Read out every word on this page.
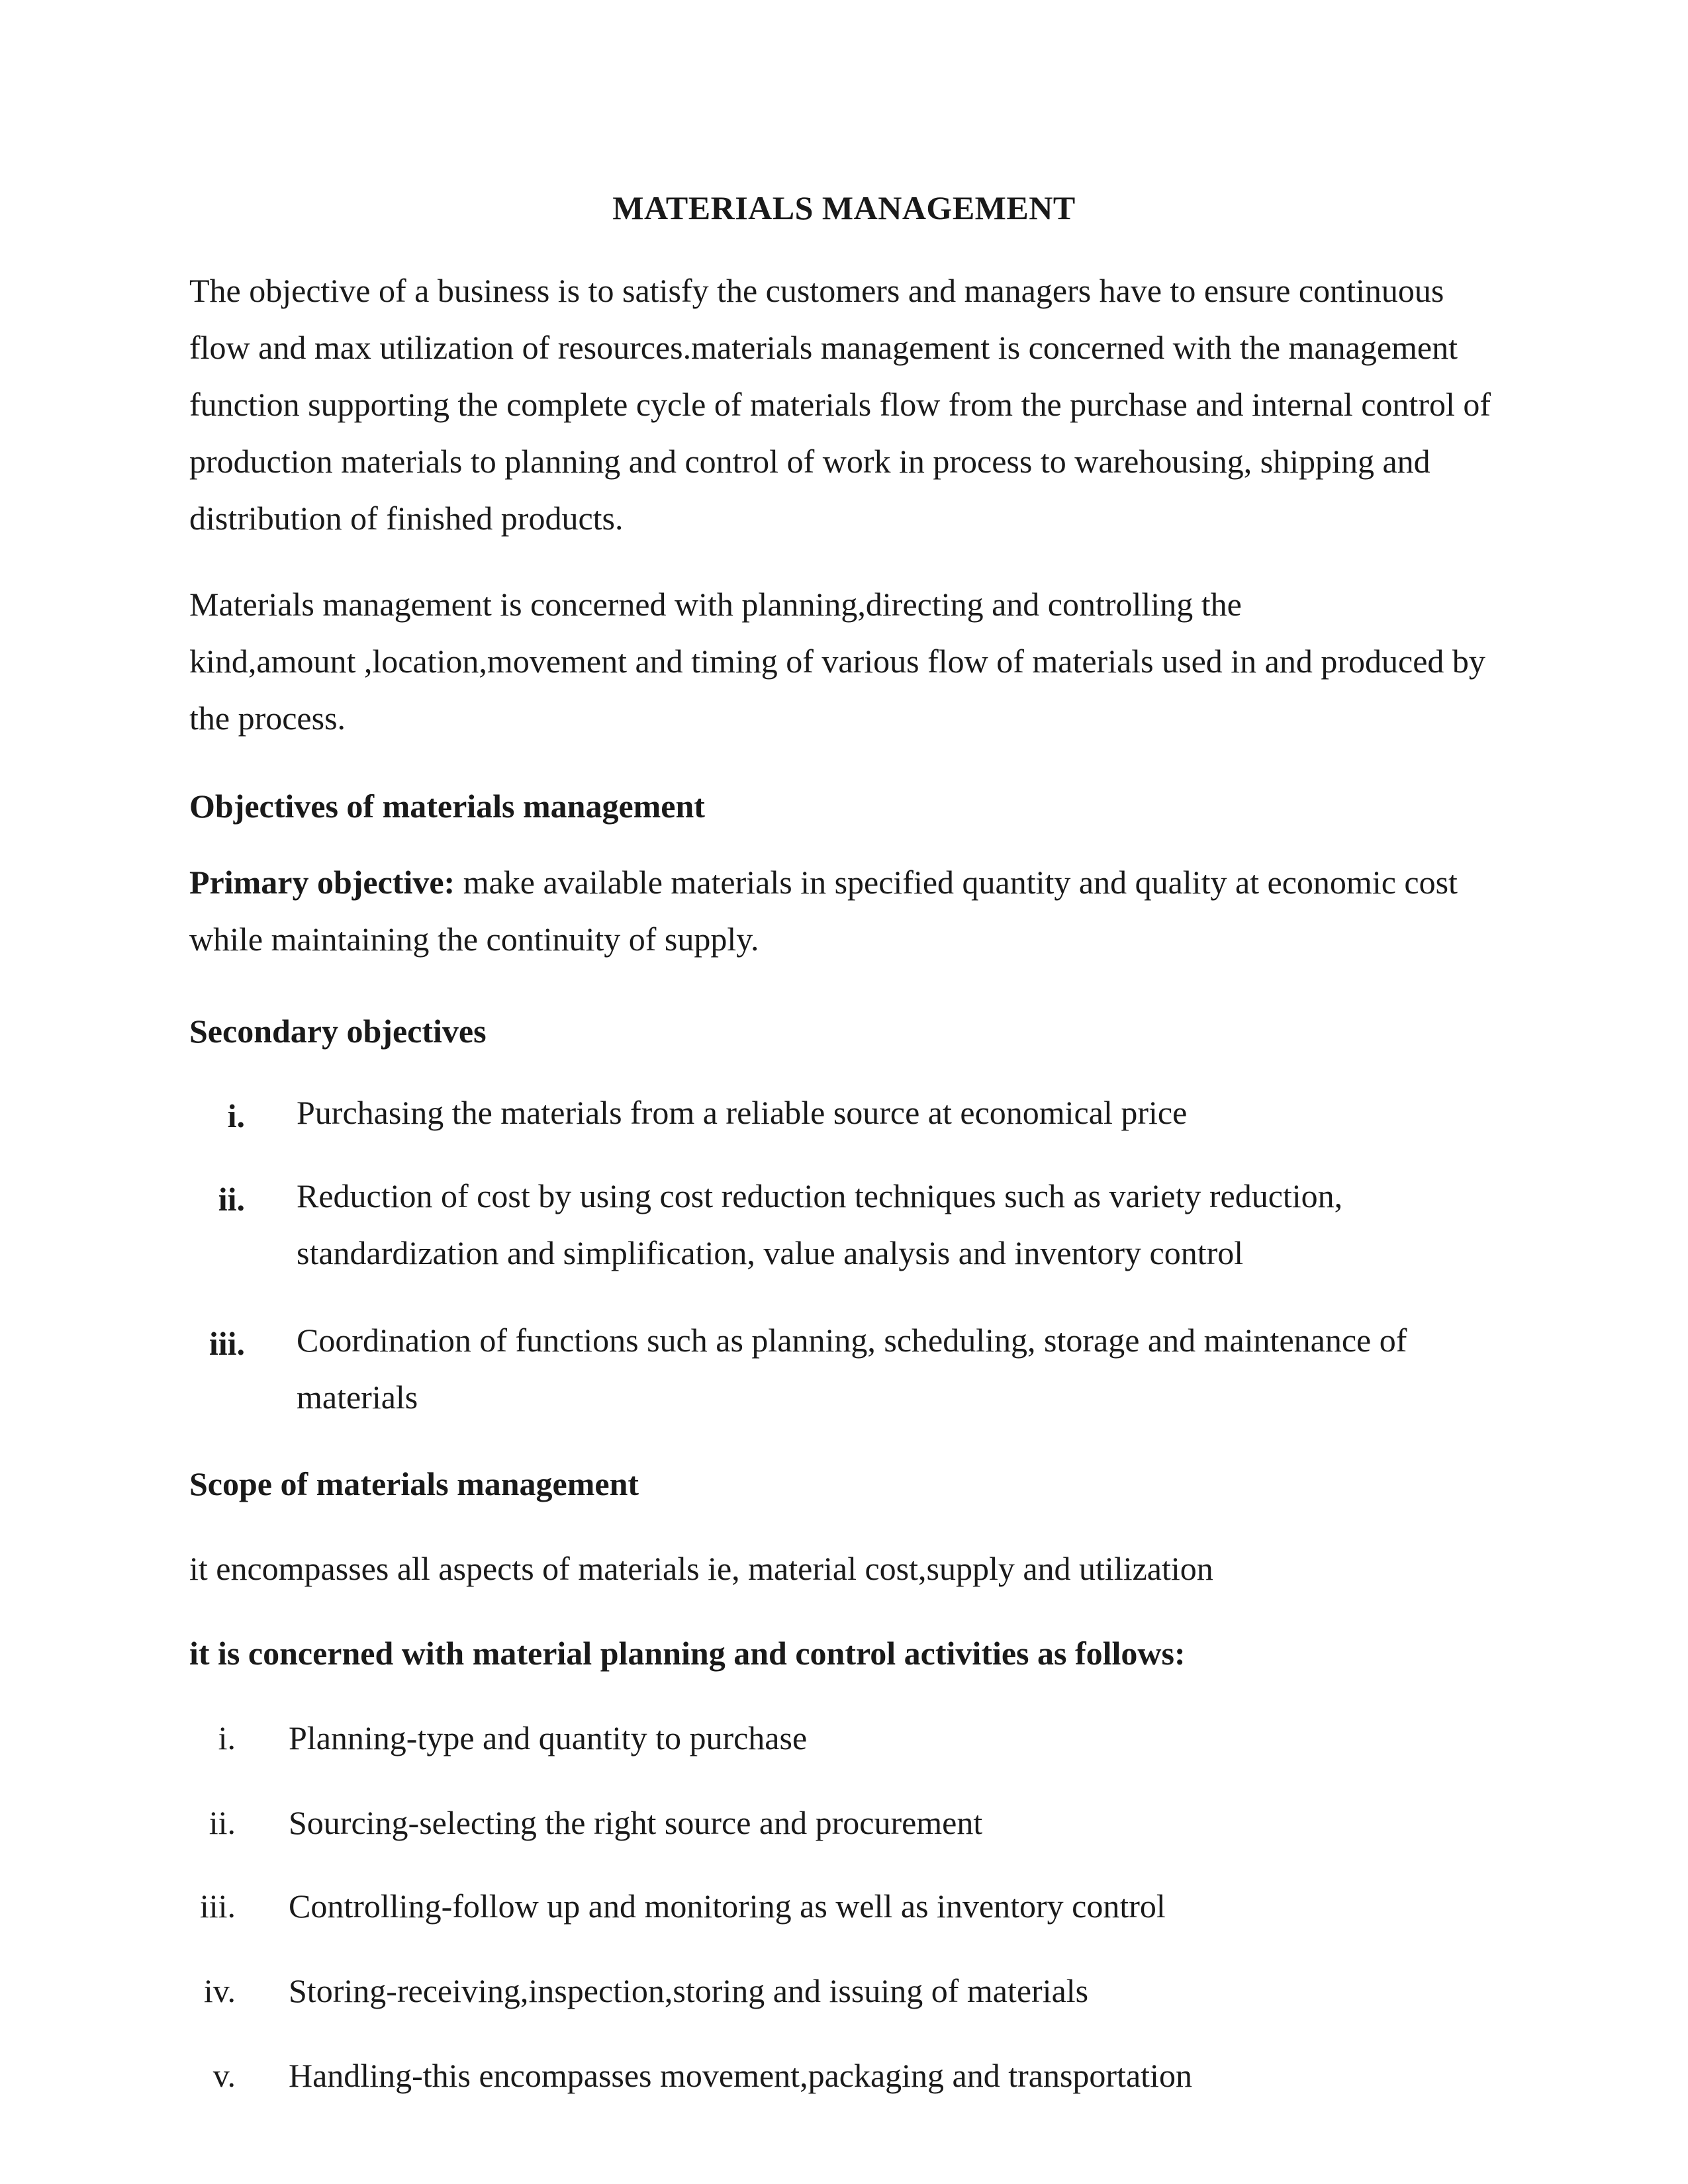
MATERIALS MANAGEMENT
The objective of a business is to satisfy the customers and managers have to ensure continuous
flow and max utilization of resources.materials management is concerned with the management
function supporting the complete cycle of materials flow from the purchase and internal control of
production materials to planning and control of work in process to warehousing, shipping and
distribution of finished products.
Materials management is concerned with planning,directing and controlling the
kind,amount ,location,movement and timing of various flow of materials used in and produced by
the process.
Objectives of materials management
Primary objective: make available materials in specified quantity and quality at economic cost
while maintaining the continuity of supply.
Secondary objectives
i. Purchasing the materials from a reliable source at economical price
ii. Reduction of cost by using cost reduction techniques such as variety reduction,
standardization and simplification, value analysis and inventory control
iii. Coordination of functions such as planning, scheduling, storage and maintenance of
materials
Scope of materials management
it encompasses all aspects of materials ie, material cost,supply and utilization
it is concerned with material planning and control activities as follows:
i. Planning-type and quantity to purchase
ii. Sourcing-selecting the right source and procurement
iii. Controlling-follow up and monitoring as well as inventory control
iv. Storing-receiving,inspection,storing and issuing of materials
v. Handling-this encompasses movement,packaging and transportation
